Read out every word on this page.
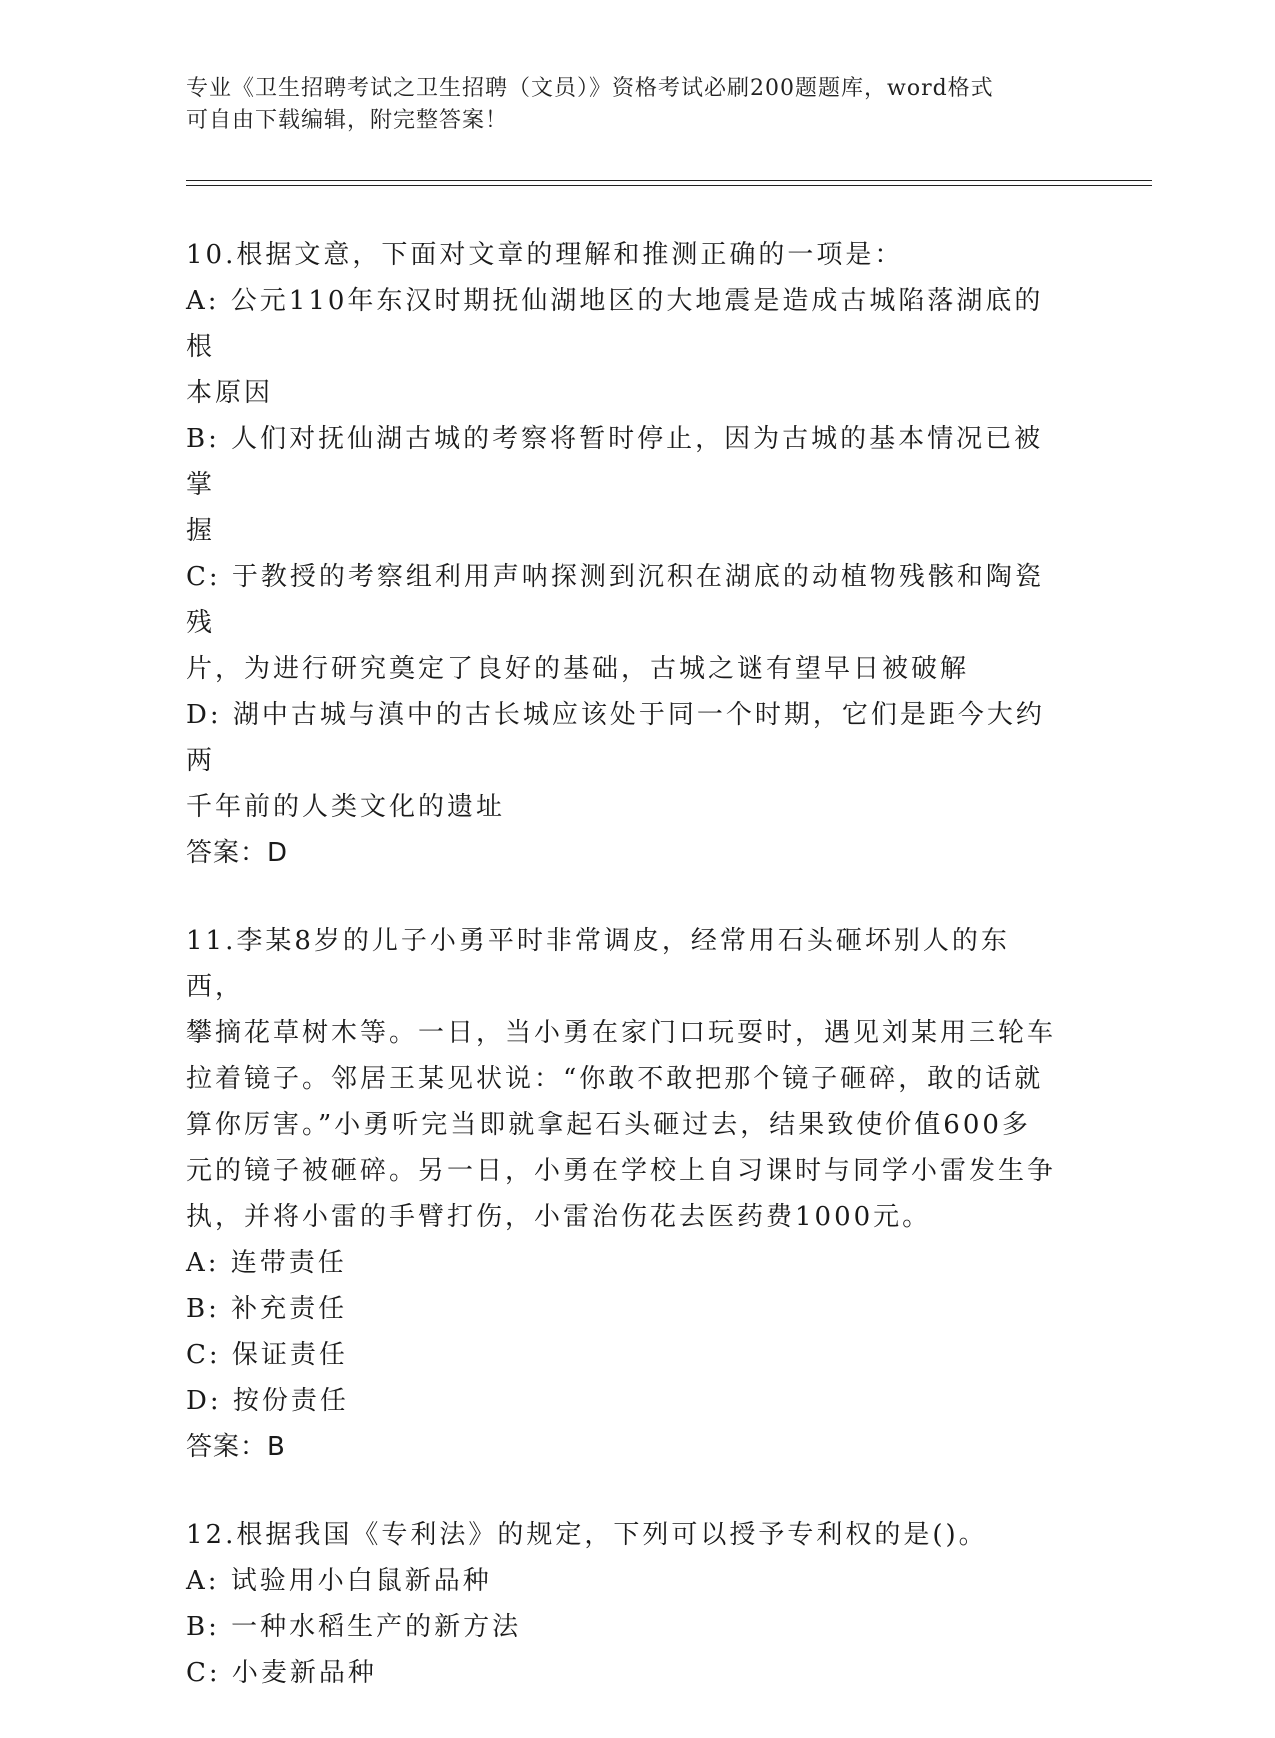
专业《卫生招聘考试之卫生招聘（文员）》资格考试必刷200题题库，word格式
可自由下载编辑，附完整答案！
10.根据文意，下面对文章的理解和推测正确的一项是：
A: 公元110年东汉时期抚仙湖地区的大地震是造成古城陷落湖底的根
本原因
B: 人们对抚仙湖古城的考察将暂时停止，因为古城的基本情况已被掌
握
C: 于教授的考察组利用声呐探测到沉积在湖底的动植物残骸和陶瓷残
片，为进行研究奠定了良好的基础，古城之谜有望早日被破解
D: 湖中古城与滇中的古长城应该处于同一个时期，它们是距今大约两
千年前的人类文化的遗址
答案：D
11.李某8岁的儿子小勇平时非常调皮，经常用石头砸坏别人的东西，
攀摘花草树木等。一日，当小勇在家门口玩耍时，遇见刘某用三轮车
拉着镜子。邻居王某见状说：“你敢不敢把那个镜子砸碎，敢的话就
算你厉害。”小勇听完当即就拿起石头砸过去，结果致使价值600多
元的镜子被砸碎。另一日，小勇在学校上自习课时与同学小雷发生争
执，并将小雷的手臂打伤，小雷治伤花去医药费1000元。
A: 连带责任
B: 补充责任
C: 保证责任
D: 按份责任
答案：B
12.根据我国《专利法》的规定，下列可以授予专利权的是()。
A: 试验用小白鼠新品种
B: 一种水稻生产的新方法
C: 小麦新品种
